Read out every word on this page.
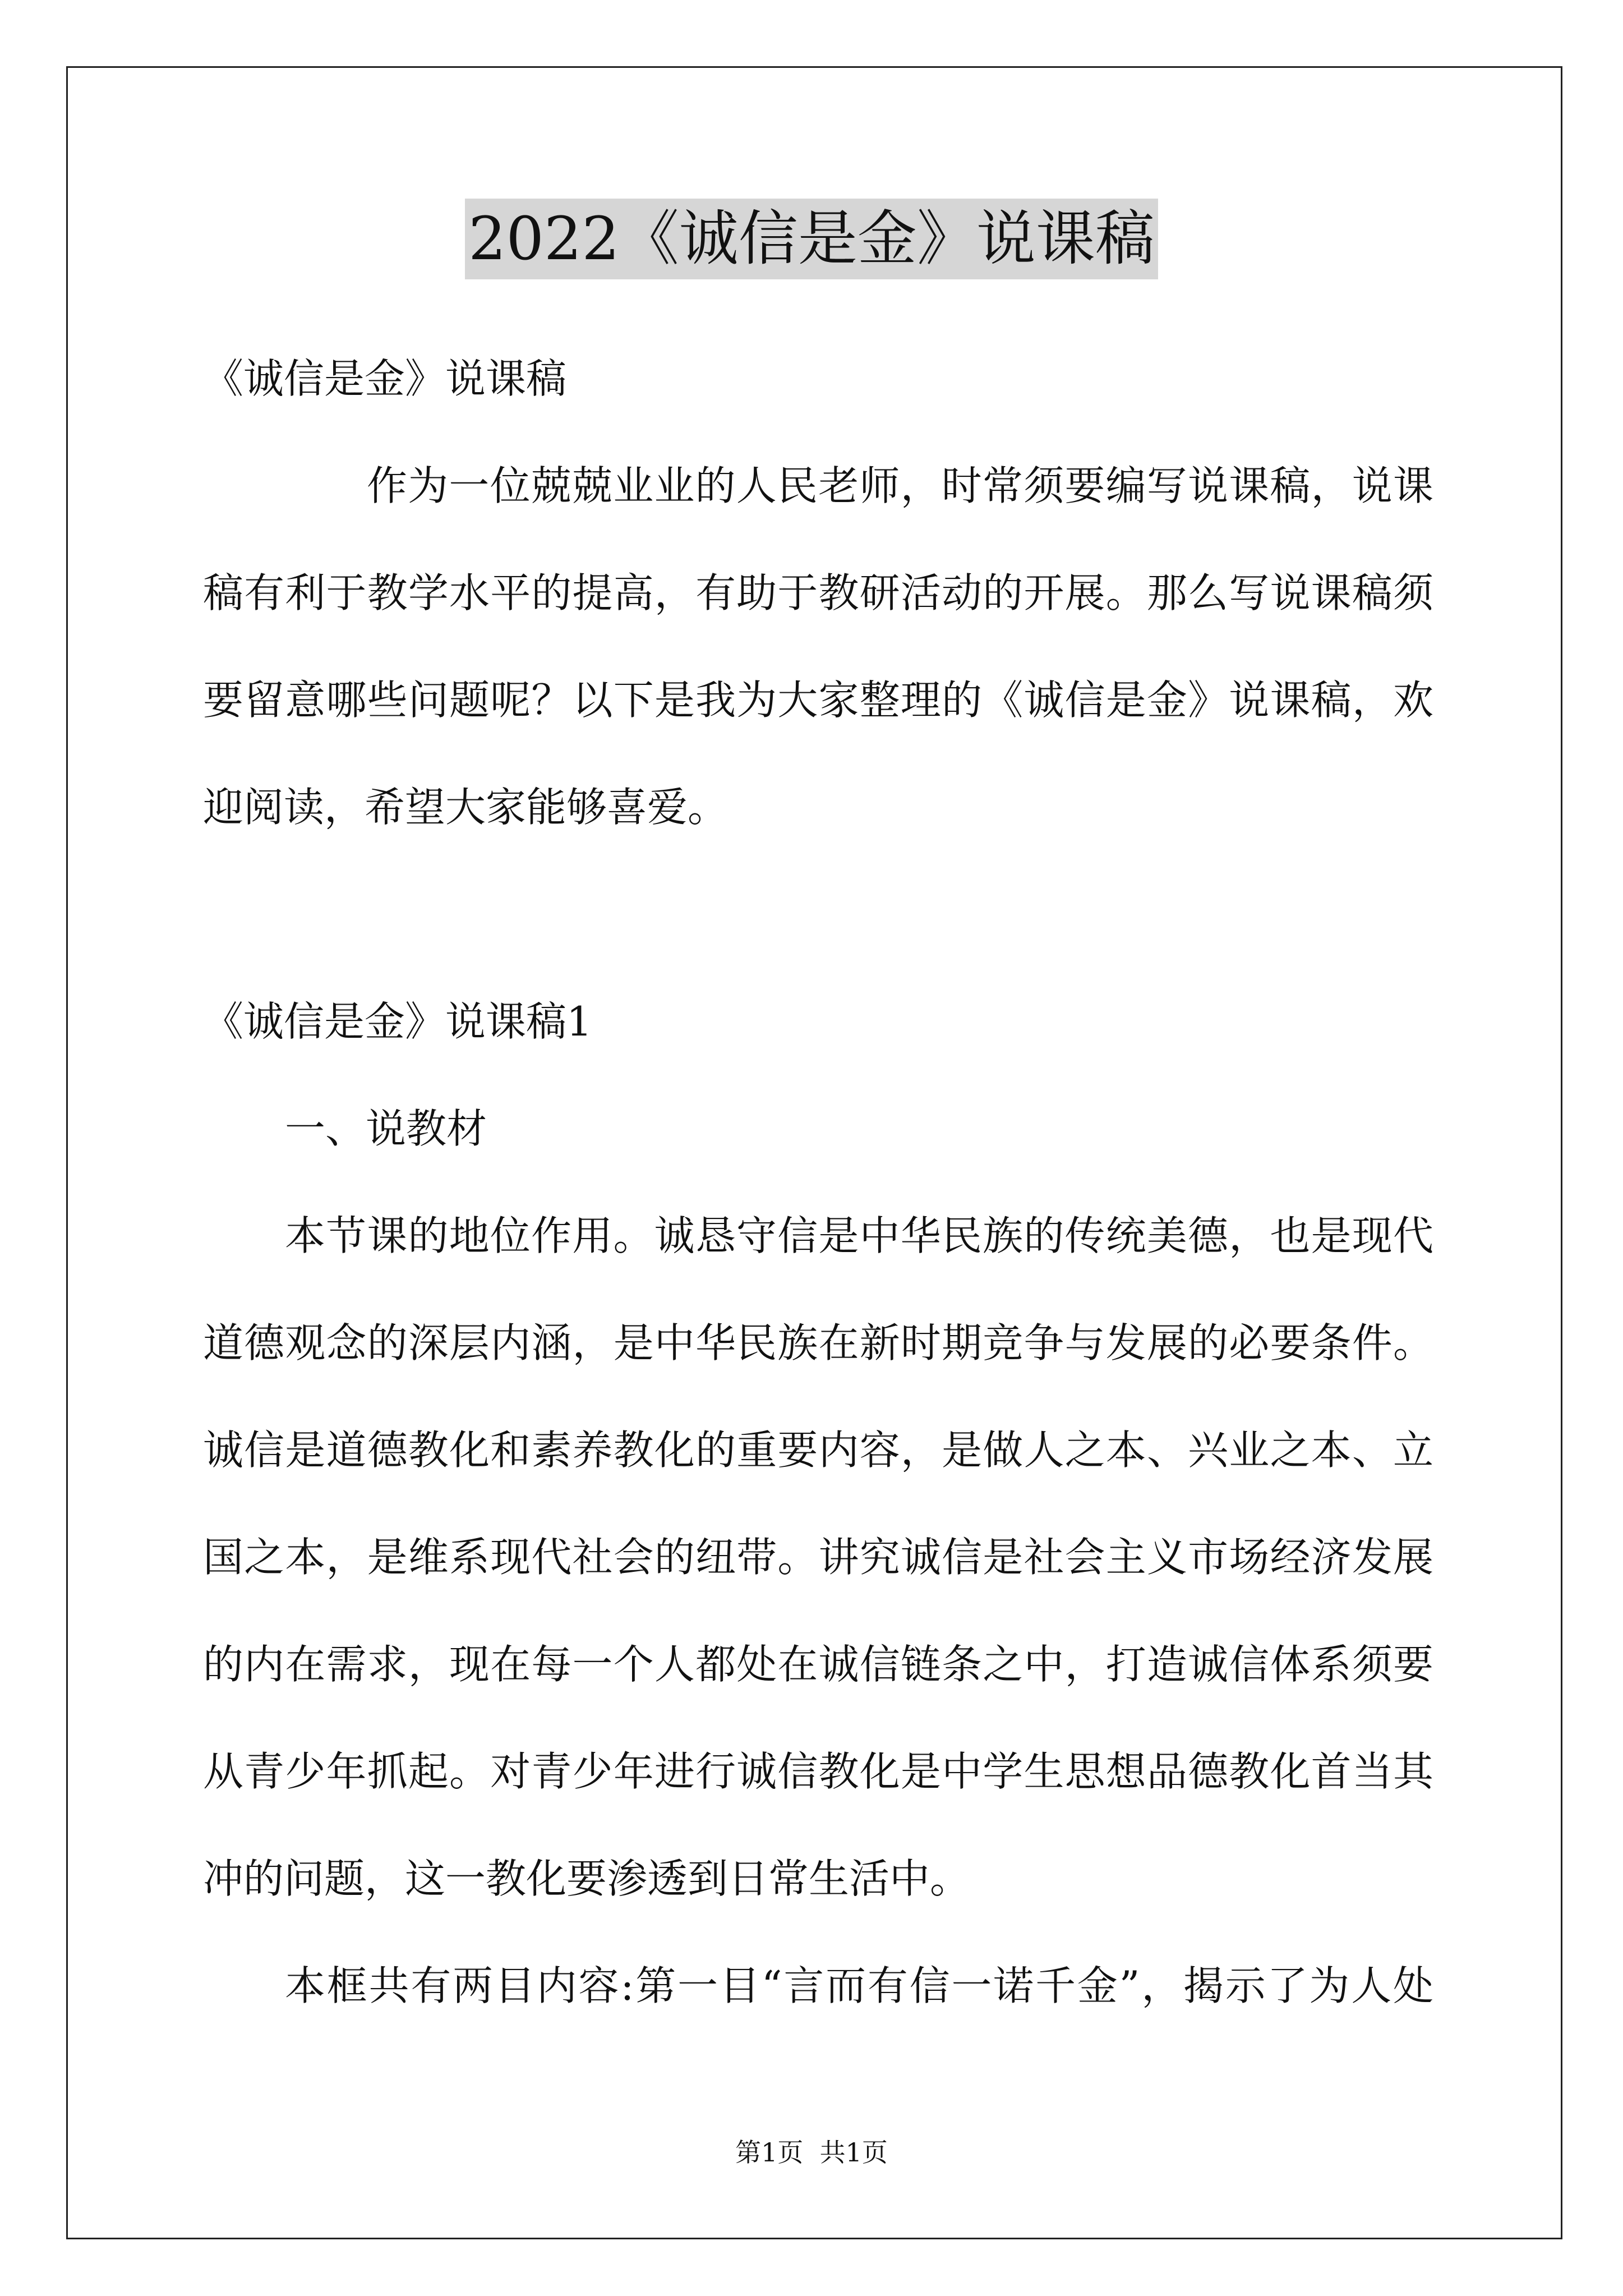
2022《诚信是金》说课稿
《诚信是金》说课稿
作为一位兢兢业业的人民老师，时常须要编写说课稿，说课
稿有利于教学水平的提高，有助于教研活动的开展。那么写说课稿须
要留意哪些问题呢？以下是我为大家整理的《诚信是金》说课稿，欢
迎阅读，希望大家能够喜爱。
《诚信是金》说课稿1
一、说教材
本节课的地位作用。诚恳守信是中华民族的传统美德，也是现代
道德观念的深层内涵，是中华民族在新时期竞争与发展的必要条件。
诚信是道德教化和素养教化的重要内容，是做人之本、兴业之本、立
国之本，是维系现代社会的纽带。讲究诚信是社会主义市场经济发展
的内在需求，现在每一个人都处在诚信链条之中，打造诚信体系须要
从青少年抓起。对青少年进行诚信教化是中学生思想品德教化首当其
冲的问题，这一教化要渗透到日常生活中。
本框共有两目内容:第一目“言而有信一诺千金”，揭示了为人处
第1页  共1页
